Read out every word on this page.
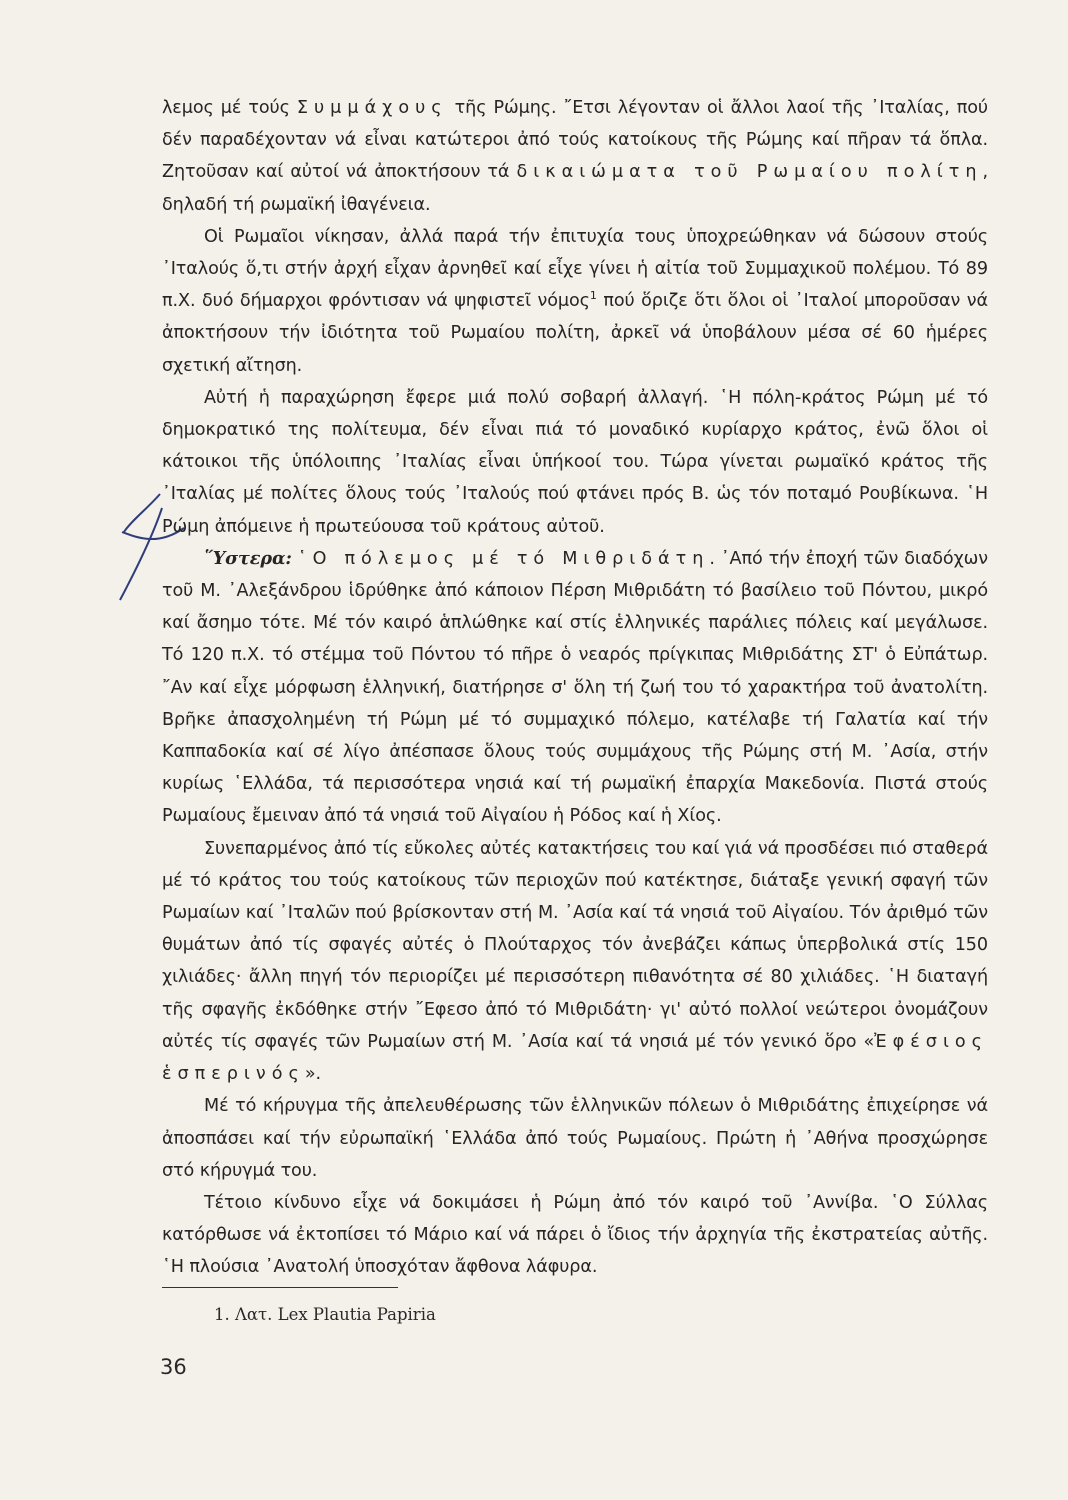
λεμος μέ τούς Συμμάχους τῆς Ρώμης. ῎Ετσι λέγονταν οἱ ἄλλοι λαοί τῆς ᾿Ιταλίας, πού δέν παραδέχονταν νά εἶναι κατώτεροι ἀπό τούς κατοίκους τῆς Ρώμης καί πῆραν τά ὅπλα. Ζητοῦσαν καί αὐτοί νά ἀποκτήσουν τά δικαιώματα τοῦ Ρωμαίου πολίτη, δηλαδή τή ρωμαϊκή ἰθαγένεια.

Οἱ Ρωμαῖοι νίκησαν, ἀλλά παρά τήν ἐπιτυχία τους ὑποχρεώθηκαν νά δώσουν στούς ᾿Ιταλούς ὅ,τι στήν ἀρχή εἶχαν ἀρνηθεῖ καί εἶχε γίνει ἡ αἰτία τοῦ Συμμαχικοῦ πολέμου. Τό 89 π.Χ. δυό δήμαρχοι φρόντισαν νά ψηφιστεῖ νόμος$^1$ πού ὅριζε ὅτι ὅλοι οἱ ᾿Ιταλοί μποροῦσαν νά ἀποκτήσουν τήν ἰδιότητα τοῦ Ρωμαίου πολίτη, ἀρκεῖ νά ὑποβάλουν μέσα σέ 60 ἡμέρες σχετική αἴτηση.

Αὐτή ἡ παραχώρηση ἔφερε μιά πολύ σοβαρή ἀλλαγή. ῾Η πόλη-κράτος Ρώμη μέ τό δημοκρατικό της πολίτευμα, δέν εἶναι πιά τό μοναδικό κυρίαρχο κράτος, ἐνῶ ὅλοι οἱ κάτοικοι τῆς ὑπόλοιπης ᾿Ιταλίας εἶναι ὑπήκοοί του. Τώρα γίνεται ρωμαϊκό κράτος τῆς ᾿Ιταλίας μέ πολίτες ὅλους τούς ᾿Ιταλούς πού φτάνει πρός Β. ὡς τόν ποταμό Ρουβίκωνα. ῾Η Ρώμη ἀπόμεινε ἡ πρωτεύουσα τοῦ κράτους αὐτοῦ.

῞Υστερα: ῾Ο πόλεμος μέ τό Μιθριδάτη. ᾿Από τήν ἐποχή τῶν διαδόχων τοῦ Μ. ᾿Αλεξάνδρου ἱδρύθηκε ἀπό κάποιον Πέρση Μιθριδάτη τό βασίλειο τοῦ Πόντου, μικρό καί ἄσημο τότε. Μέ τόν καιρό ἁπλώθηκε καί στίς ἑλληνικές παράλιες πόλεις καί μεγάλωσε. Τό 120 π.Χ. τό στέμμα τοῦ Πόντου τό πῆρε ὁ νεαρός πρίγκιπας Μιθριδάτης ΣΤ' ὁ Εὐπάτωρ. ῎Αν καί εἶχε μόρφωση ἑλληνική, διατήρησε σ' ὅλη τή ζωή του τό χαρακτήρα τοῦ ἀνατολίτη. Βρῆκε ἀπασχολημένη τή Ρώμη μέ τό συμμαχικό πόλεμο, κατέλαβε τή Γαλατία καί τήν Καππαδοκία καί σέ λίγο ἀπέσπασε ὅλους τούς συμμάχους τῆς Ρώμης στή Μ. ᾿Ασία, στήν κυρίως ῾Ελλάδα, τά περισσότερα νησιά καί τή ρωμαϊκή ἐπαρχία Μακεδονία. Πιστά στούς Ρωμαίους ἔμειναν ἀπό τά νησιά τοῦ Αἰγαίου ἡ Ρόδος καί ἡ Χίος.

Συνεπαρμένος ἀπό τίς εὔκολες αὐτές κατακτήσεις του καί γιά νά προσδέσει πιό σταθερά μέ τό κράτος του τούς κατοίκους τῶν περιοχῶν πού κατέκτησε, διάταξε γενική σφαγή τῶν Ρωμαίων καί ᾿Ιταλῶν πού βρίσκονταν στή Μ. ᾿Ασία καί τά νησιά τοῦ Αἰγαίου. Τόν ἀριθμό τῶν θυμάτων ἀπό τίς σφαγές αὐτές ὁ Πλούταρχος τόν ἀνεβάζει κάπως ὑπερβολικά στίς 150 χιλιάδες· ἄλλη πηγή τόν περιορίζει μέ περισσότερη πιθανότητα σέ 80 χιλιάδες. ῾Η διαταγή τῆς σφαγῆς ἐκδόθηκε στήν ῎Εφεσο ἀπό τό Μιθριδάτη· γι' αὐτό πολλοί νεώτεροι ὀνομάζουν αὐτές τίς σφαγές τῶν Ρωμαίων στή Μ. ᾿Ασία καί τά νησιά μέ τόν γενικό ὅρο «Ἐφέσιος ἑσπερινός».

Μέ τό κήρυγμα τῆς ἀπελευθέρωσης τῶν ἑλληνικῶν πόλεων ὁ Μιθριδάτης ἐπιχείρησε νά ἀποσπάσει καί τήν εὐρωπαϊκή ῾Ελλάδα ἀπό τούς Ρωμαίους. Πρώτη ἡ ᾿Αθήνα προσχώρησε στό κήρυγμά του.

Τέτοιο κίνδυνο εἶχε νά δοκιμάσει ἡ Ρώμη ἀπό τόν καιρό τοῦ ᾿Αννίβα. ῾Ο Σύλλας κατόρθωσε νά ἐκτοπίσει τό Μάριο καί νά πάρει ὁ ἴδιος τήν ἀρχηγία τῆς ἐκστρατείας αὐτῆς. ῾Η πλούσια ᾿Ανατολή ὑποσχόταν ἄφθονα λάφυρα.

1. Λατ. Lex Plautia Papiria
36
